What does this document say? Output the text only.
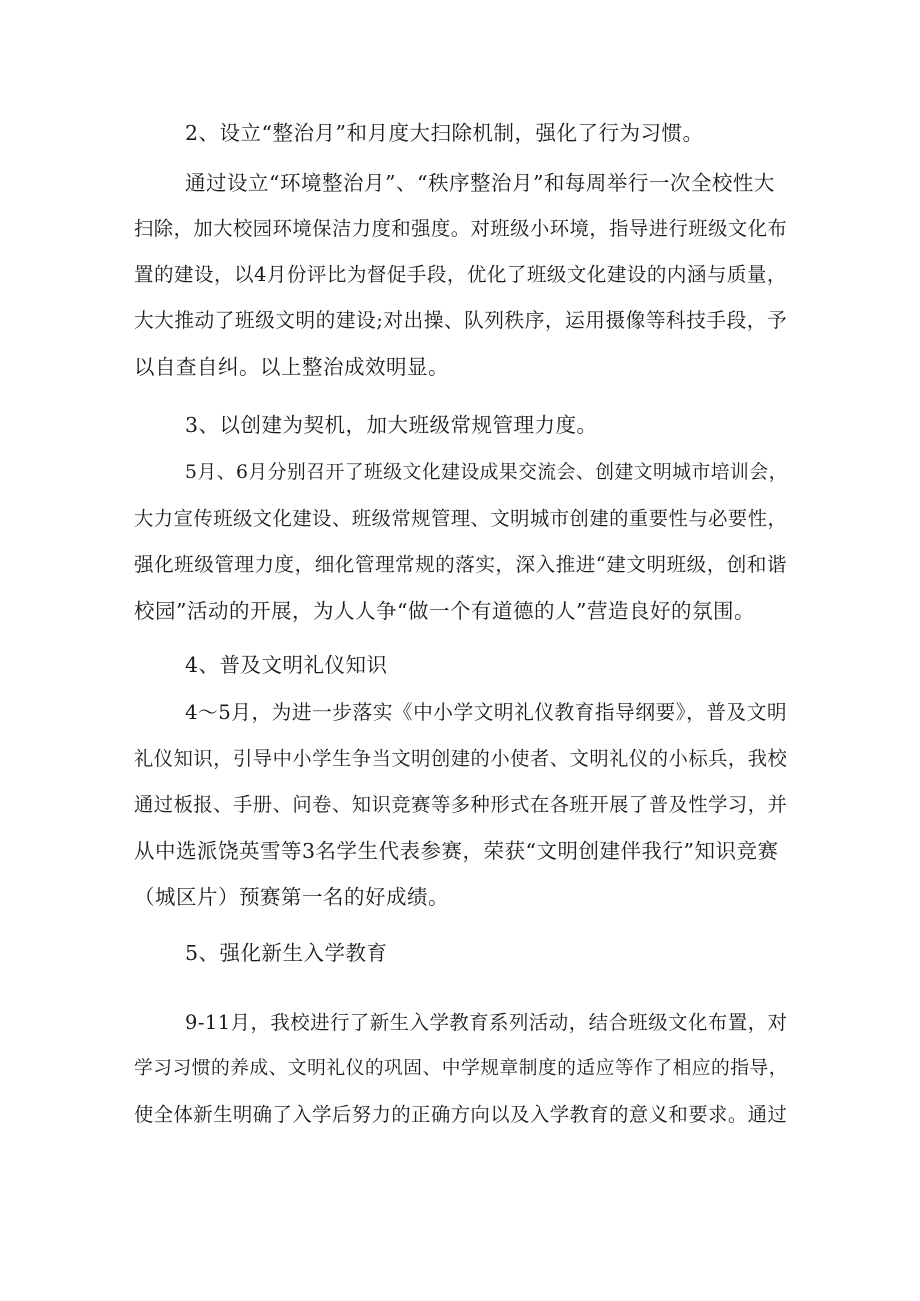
2、设立“整治月”和月度大扫除机制，强化了行为习惯。
通过设立“环境整治月”、“秩序整治月”和每周举行一次全校性大
扫除，加大校园环境保洁力度和强度。对班级小环境，指导进行班级文化布
置的建设，以4月份评比为督促手段，优化了班级文化建设的内涵与质量，
大大推动了班级文明的建设;对出操、队列秩序，运用摄像等科技手段，予
以自查自纠。以上整治成效明显。
3、以创建为契机，加大班级常规管理力度。
5月、6月分别召开了班级文化建设成果交流会、创建文明城市培训会，
大力宣传班级文化建设、班级常规管理、文明城市创建的重要性与必要性，
强化班级管理力度，细化管理常规的落实，深入推进“建文明班级，创和谐
校园”活动的开展，为人人争“做一个有道德的人”营造良好的氛围。
4、普及文明礼仪知识
4～5月，为进一步落实《中小学文明礼仪教育指导纲要》，普及文明
礼仪知识，引导中小学生争当文明创建的小使者、文明礼仪的小标兵，我校
通过板报、手册、问卷、知识竞赛等多种形式在各班开展了普及性学习，并
从中选派饶英雪等3名学生代表参赛，荣获“文明创建伴我行”知识竞赛
（城区片）预赛第一名的好成绩。
5、强化新生入学教育
9-11月，我校进行了新生入学教育系列活动，结合班级文化布置，对
学习习惯的养成、文明礼仪的巩固、中学规章制度的适应等作了相应的指导，
使全体新生明确了入学后努力的正确方向以及入学教育的意义和要求。通过
